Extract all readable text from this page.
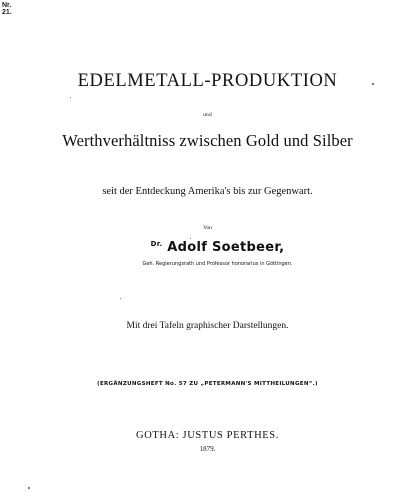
Nr.
21.
EDELMETALL-PRODUKTION
und
Werthverhältniss zwischen Gold und Silber
seit der Entdeckung Amerika's bis zur Gegenwart.
Von
$^{Dr.}$ Adolf Soetbeer,
Geh. Regierungsrath und Professor honorarius in Göttingen.
Mit drei Tafeln graphischer Darstellungen.
(ERGÄNZUNGSHEFT No. 57 ZU „PETERMANN'S MITTHEILUNGEN“.)
GOTHA: JUSTUS PERTHES.
1879.
